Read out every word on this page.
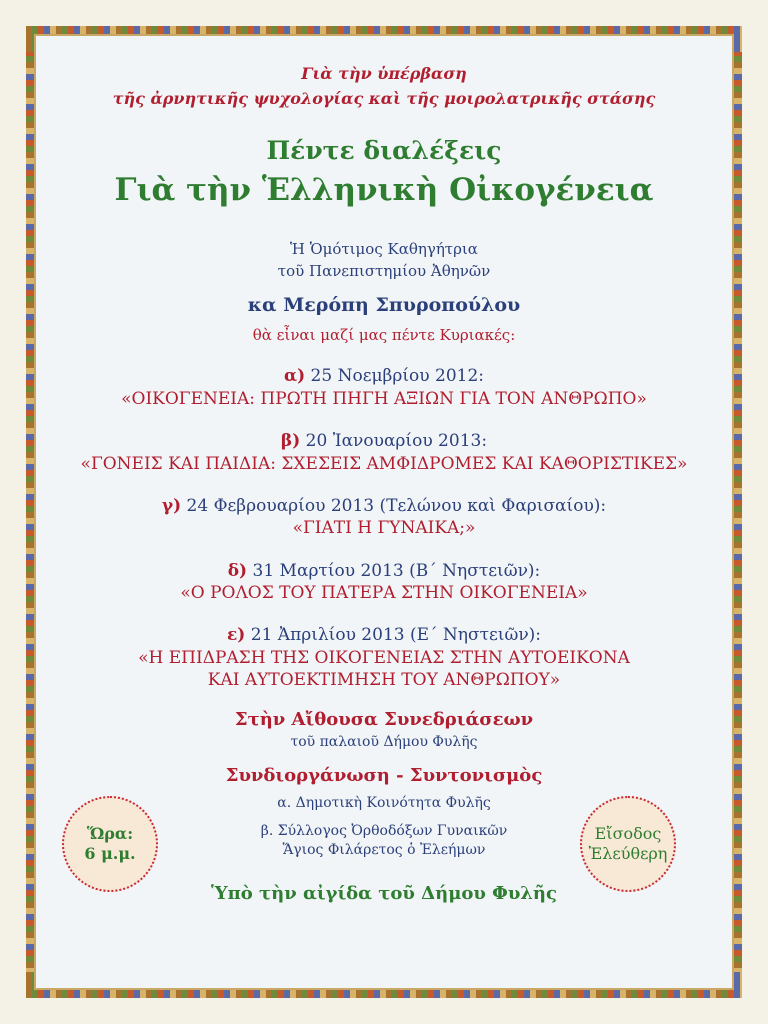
Γιὰ τὴν ὑπέρβαση

τῆς ἀρνητικῆς ψυχολογίας καὶ τῆς μοιρολατρικῆς στάσης

Πέντε διαλέξεις

Γιὰ τὴν Ἑλληνικὴ Οἰκογένεια

Ἡ Ὁμότιμος Καθηγήτρια

τοῦ Πανεπιστημίου Ἀθηνῶν

κα Μερόπη Σπυροπούλου

θὰ εἶναι μαζί μας πέντε Κυριακές:

α) 25 Νοεμβρίου 2012:

«ΟΙΚΟΓΕΝΕΙΑ: ΠΡΩΤΗ ΠΗΓΗ ΑΞΙΩΝ ΓΙΑ ΤΟΝ ΑΝΘΡΩΠΟ»

β) 20 Ἰανουαρίου 2013:

«ΓΟΝΕΙΣ ΚΑΙ ΠΑΙΔΙΑ: ΣΧΕΣΕΙΣ ΑΜΦΙΔΡΟΜΕΣ ΚΑΙ ΚΑΘΟΡΙΣΤΙΚΕΣ»

γ) 24 Φεβρουαρίου 2013 (Τελώνου καὶ Φαρισαίου):

«ΓΙΑΤΙ Η ΓΥΝΑΙΚΑ;»

δ) 31 Μαρτίου 2013 (Β´ Νηστειῶν):

«Ο ΡΟΛΟΣ ΤΟΥ ΠΑΤΕΡΑ ΣΤΗΝ ΟΙΚΟΓΕΝΕΙΑ»

ε) 21 Ἀπριλίου 2013 (Ε´ Νηστειῶν):

«Η ΕΠΙΔΡΑΣΗ ΤΗΣ ΟΙΚΟΓΕΝΕΙΑΣ ΣΤΗΝ ΑΥΤΟΕΙΚΟΝΑ

ΚΑΙ ΑΥΤΟΕΚΤΙΜΗΣΗ ΤΟΥ ΑΝΘΡΩΠΟΥ»

Στὴν Αἴθουσα Συνεδριάσεων

τοῦ παλαιοῦ Δήμου Φυλῆς

Συνδιοργάνωση - Συντονισμὸς

α. Δημοτικὴ Κοινότητα Φυλῆς

β. Σύλλογος Ὀρθοδόξων Γυναικῶν

Ἅγιος Φιλάρετος ὁ Ἐλεήμων

Ὑπὸ τὴν αἰγίδα τοῦ Δήμου Φυλῆς

Ὥρα:
6 μ.μ.
Εἴσοδος
Ἐλεύθερη
